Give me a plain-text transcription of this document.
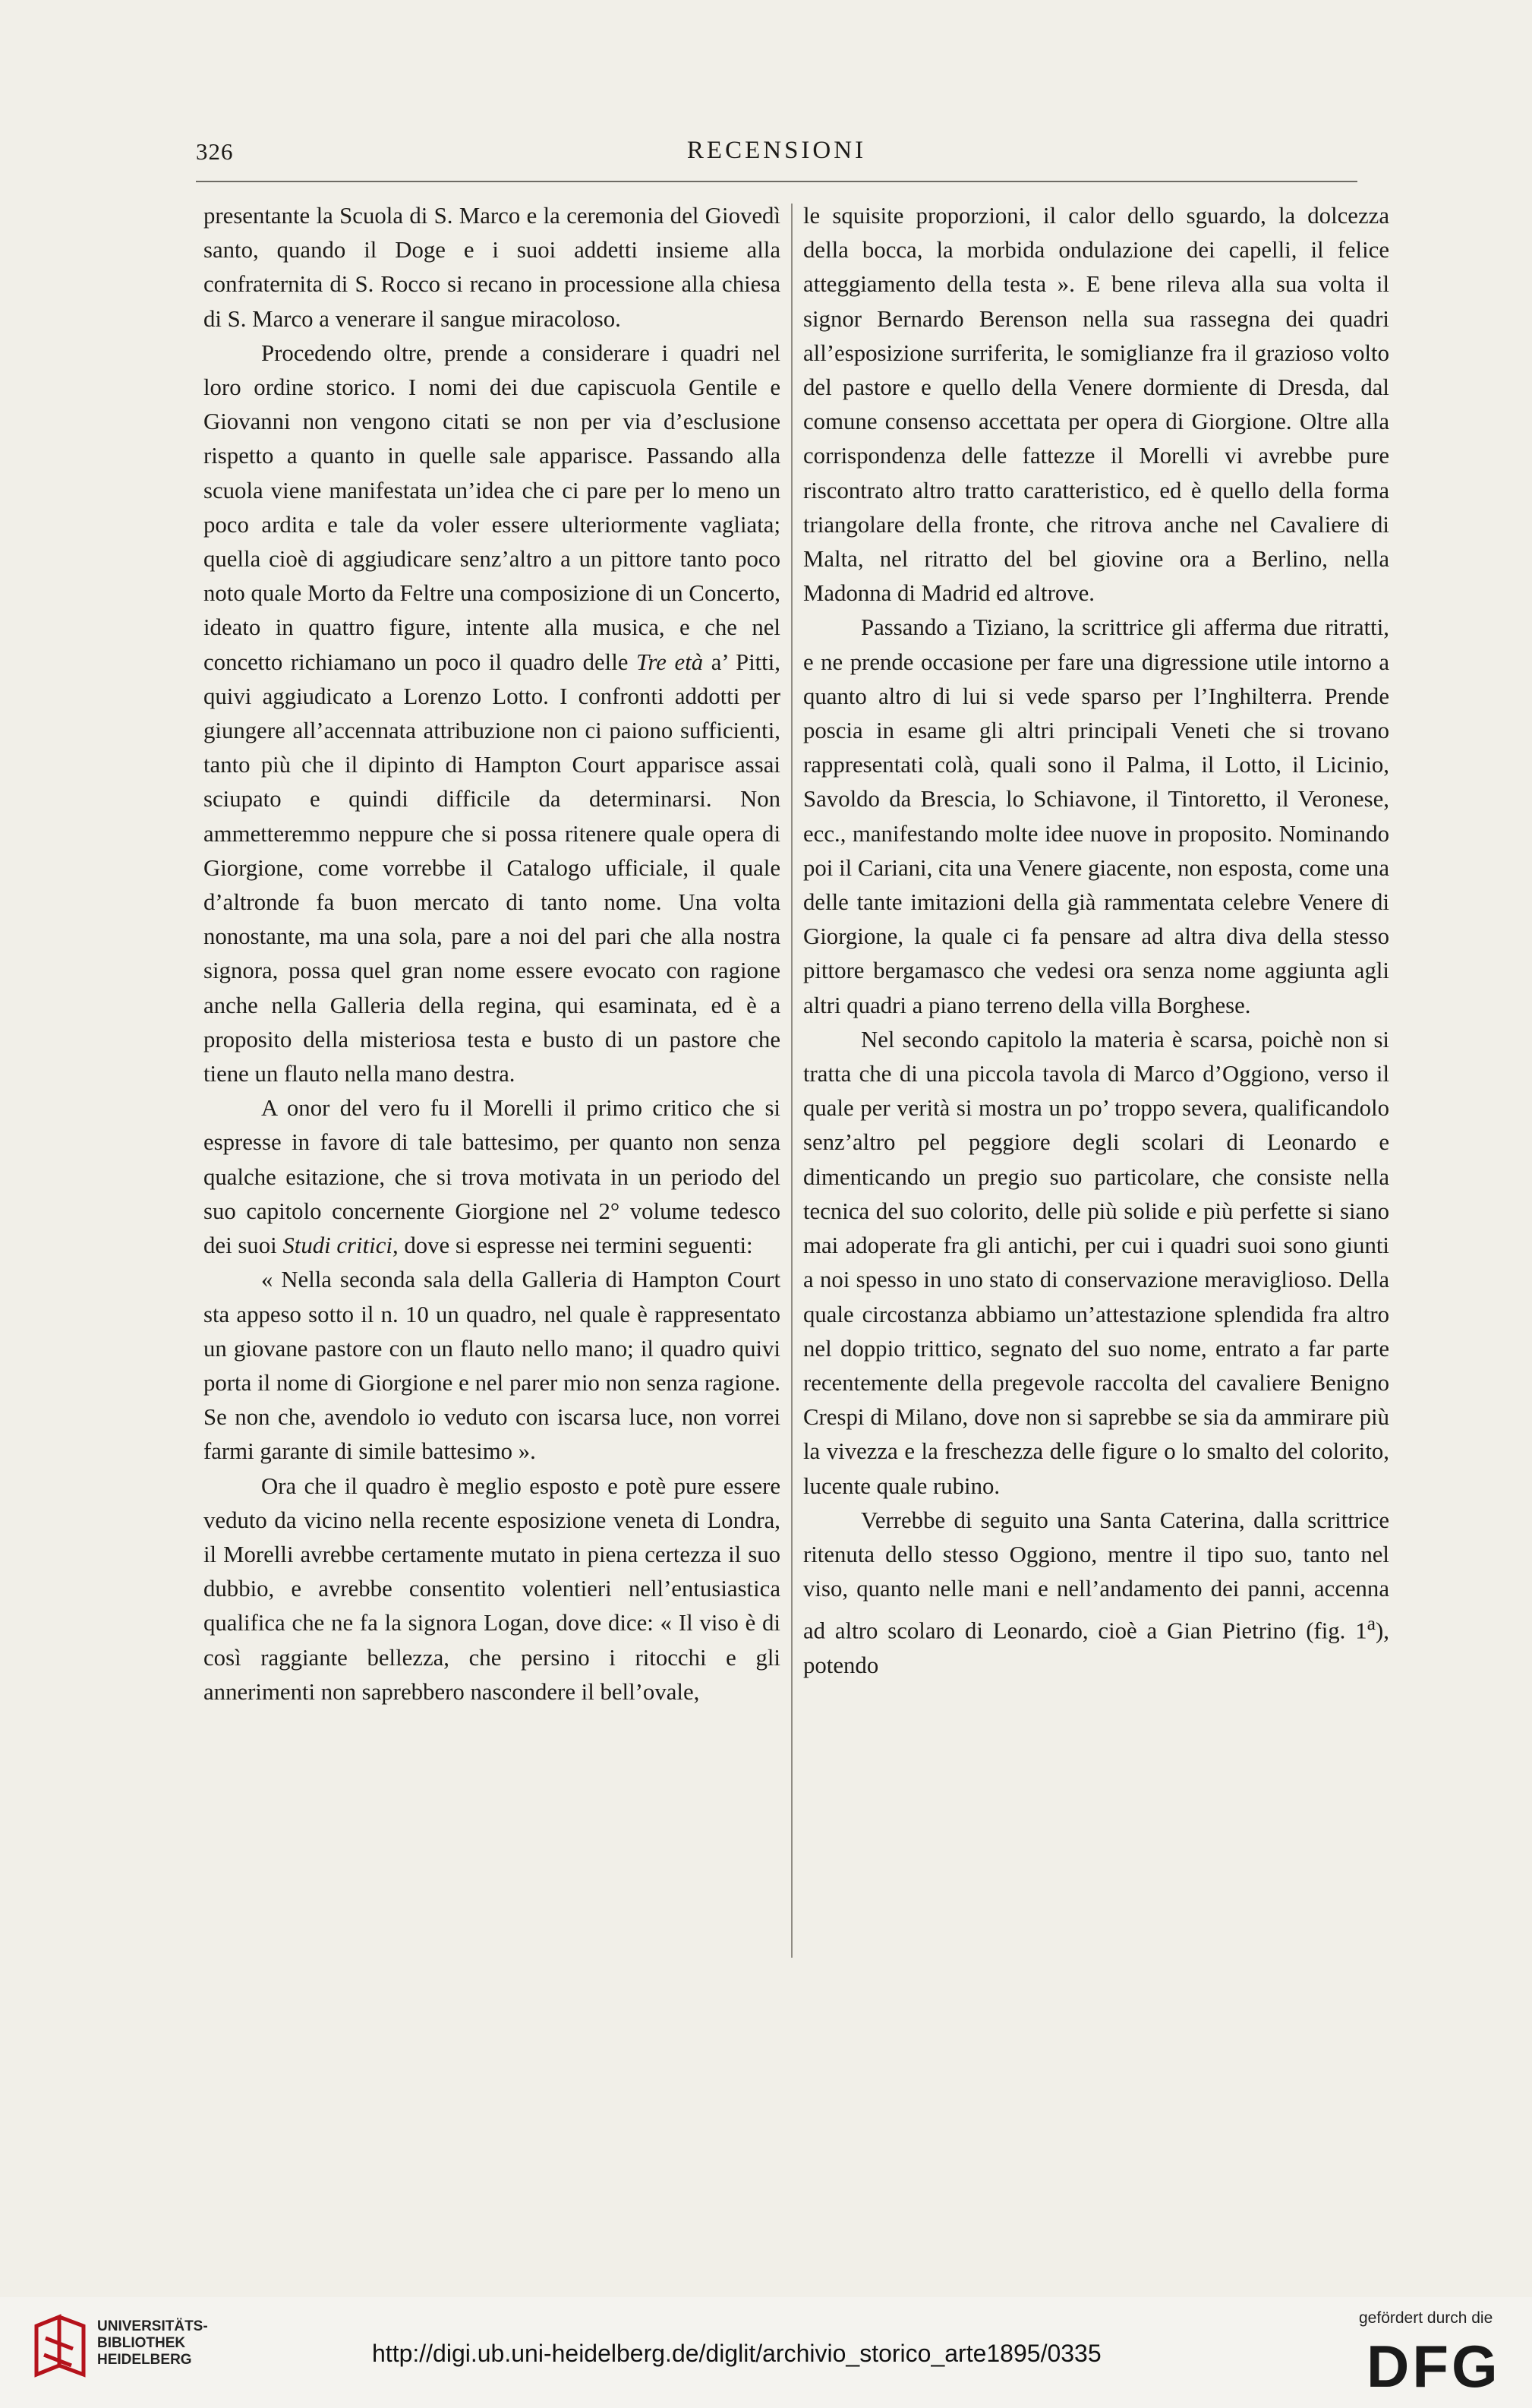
326	RECENSIONI

presentante la Scuola di S. Marco e la ceremonia del Giovedì santo, quando il Doge e i suoi addetti insieme alla confraternita di S. Rocco si recano in processione alla chiesa di S. Marco a venerare il sangue miracoloso.

Procedendo oltre, prende a considerare i quadri nel loro ordine storico. I nomi dei due capiscuola Gentile e Giovanni non vengono citati se non per via d’esclusione rispetto a quanto in quelle sale apparisce. Passando alla scuola viene manifestata un’idea che ci pare per lo meno un poco ardita e tale da voler essere ulteriormente vagliata; quella cioè di aggiudicare senz’altro a un pittore tanto poco noto quale Morto da Feltre una composizione di un Concerto, ideato in quattro figure, intente alla musica, e che nel concetto richiamano un poco il quadro delle Tre età a’ Pitti, quivi aggiudicato a Lorenzo Lotto. I confronti addotti per giungere all’accennata attribuzione non ci paiono sufficienti, tanto più che il dipinto di Hampton Court apparisce assai sciupato e quindi difficile da determinarsi. Non ammetteremmo neppure che si possa ritenere quale opera di Giorgione, come vorrebbe il Catalogo ufficiale, il quale d’altronde fa buon mercato di tanto nome. Una volta nonostante, ma una sola, pare a noi del pari che alla nostra signora, possa quel gran nome essere evocato con ragione anche nella Galleria della regina, qui esaminata, ed è a proposito della misteriosa testa e busto di un pastore che tiene un flauto nella mano destra.

A onor del vero fu il Morelli il primo critico che si espresse in favore di tale battesimo, per quanto non senza qualche esitazione, che si trova motivata in un periodo del suo capitolo concernente Giorgione nel 2° volume tedesco dei suoi Studi critici, dove si espresse nei termini seguenti:

« Nella seconda sala della Galleria di Hampton Court sta appeso sotto il n. 10 un quadro, nel quale è rappresentato un giovane pastore con un flauto nello mano; il quadro quivi porta il nome di Giorgione e nel parer mio non senza ragione. Se non che, avendolo io veduto con iscarsa luce, non vorrei farmi garante di simile battesimo ».

Ora che il quadro è meglio esposto e potè pure essere veduto da vicino nella recente esposizione veneta di Londra, il Morelli avrebbe certamente mutato in piena certezza il suo dubbio, e avrebbe consentito volentieri nell’entusiastica qualifica che ne fa la signora Logan, dove dice: « Il viso è di così raggiante bellezza, che persino i ritocchi e gli annerimenti non saprebbero nascondere il bell’ovale,

le squisite proporzioni, il calor dello sguardo, la dolcezza della bocca, la morbida ondulazione dei capelli, il felice atteggiamento della testa ». E bene rileva alla sua volta il signor Bernardo Berenson nella sua rassegna dei quadri all’esposizione surriferita, le somiglianze fra il grazioso volto del pastore e quello della Venere dormiente di Dresda, dal comune consenso accettata per opera di Giorgione. Oltre alla corrispondenza delle fattezze il Morelli vi avrebbe pure riscontrato altro tratto caratteristico, ed è quello della forma triangolare della fronte, che ritrova anche nel Cavaliere di Malta, nel ritratto del bel giovine ora a Berlino, nella Madonna di Madrid ed altrove.

Passando a Tiziano, la scrittrice gli afferma due ritratti, e ne prende occasione per fare una digressione utile intorno a quanto altro di lui si vede sparso per l’Inghilterra. Prende poscia in esame gli altri principali Veneti che si trovano rappresentati colà, quali sono il Palma, il Lotto, il Licinio, Savoldo da Brescia, lo Schiavone, il Tintoretto, il Veronese, ecc., manifestando molte idee nuove in proposito. Nominando poi il Cariani, cita una Venere giacente, non esposta, come una delle tante imitazioni della già rammentata celebre Venere di Giorgione, la quale ci fa pensare ad altra diva della stesso pittore bergamasco che vedesi ora senza nome aggiunta agli altri quadri a piano terreno della villa Borghese.

Nel secondo capitolo la materia è scarsa, poichè non si tratta che di una piccola tavola di Marco d’Oggiono, verso il quale per verità si mostra un po’ troppo severa, qualificandolo senz’altro pel peggiore degli scolari di Leonardo e dimenticando un pregio suo particolare, che consiste nella tecnica del suo colorito, delle più solide e più perfette si siano mai adoperate fra gli antichi, per cui i quadri suoi sono giunti a noi spesso in uno stato di conservazione meraviglioso. Della quale circostanza abbiamo un’attestazione splendida fra altro nel doppio trittico, segnato del suo nome, entrato a far parte recentemente della pregevole raccolta del cavaliere Benigno Crespi di Milano, dove non si saprebbe se sia da ammirare più la vivezza e la freschezza delle figure o lo smalto del colorito, lucente quale rubino.

Verrebbe di seguito una Santa Caterina, dalla scrittrice ritenuta dello stesso Oggiono, mentre il tipo suo, tanto nel viso, quanto nelle mani e nell’andamento dei panni, accenna ad altro scolaro di Leonardo, cioè a Gian Pietrino (fig. 1$^a$), potendo

UNIVERSITÄTS-
BIBLIOTHEK
HEIDELBERG	http://digi.ub.uni-heidelberg.de/diglit/archivio_storico_arte1895/0335
gefördert durch die
DFG
